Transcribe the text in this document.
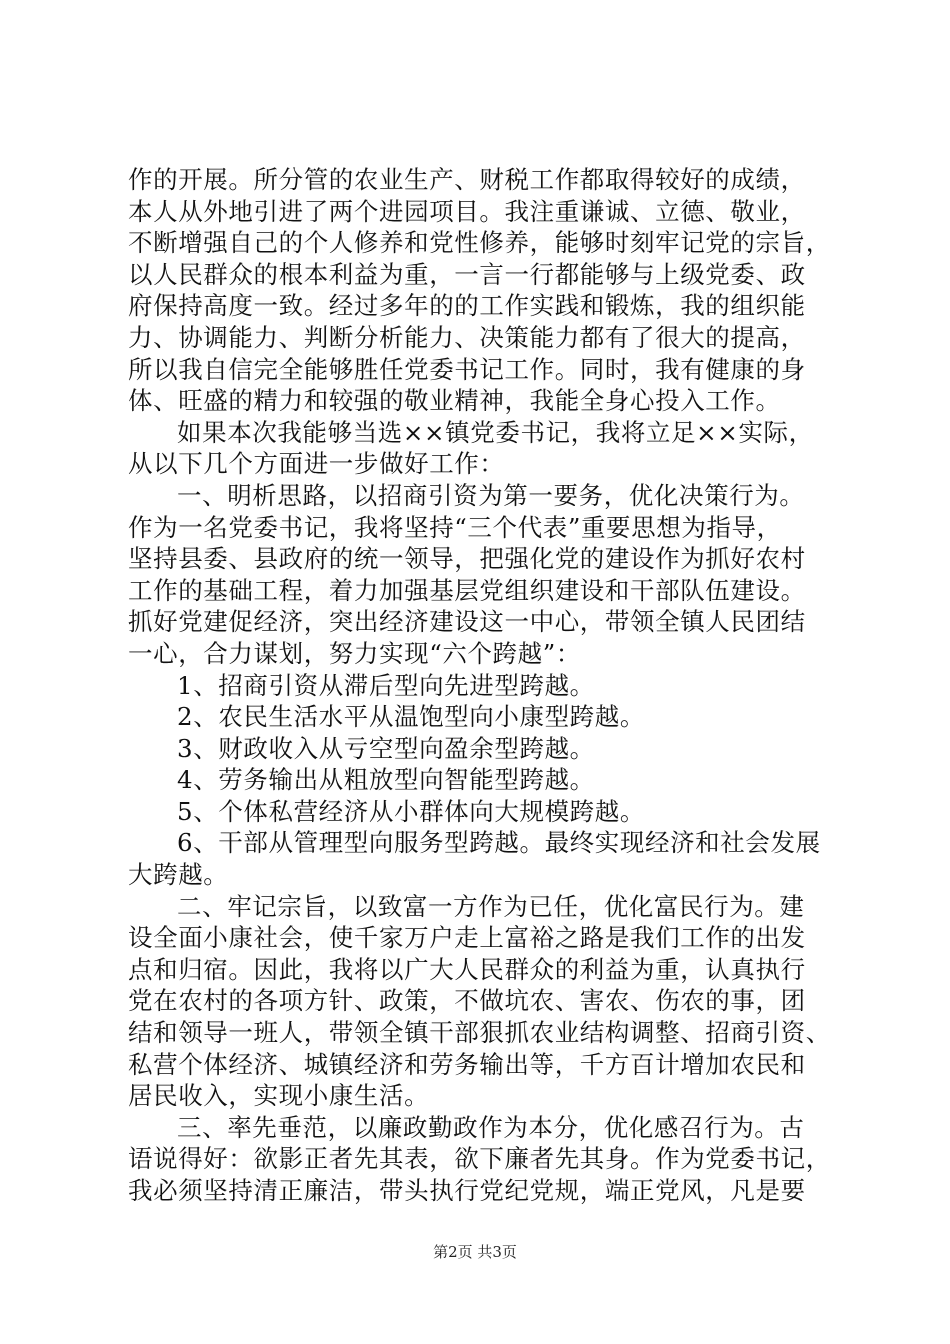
作的开展。所分管的农业生产、财税工作都取得较好的成绩，
本人从外地引进了两个进园项目。我注重谦诚、立德、敬业，
不断增强自己的个人修养和党性修养，能够时刻牢记党的宗旨，
以人民群众的根本利益为重，一言一行都能够与上级党委、政
府保持高度一致。经过多年的的工作实践和锻炼，我的组织能
力、协调能力、判断分析能力、决策能力都有了很大的提高，
所以我自信完全能够胜任党委书记工作。同时，我有健康的身
体、旺盛的精力和较强的敬业精神，我能全身心投入工作。
如果本次我能够当选××镇党委书记，我将立足××实际，
从以下几个方面进一步做好工作：
一、明析思路，以招商引资为第一要务，优化决策行为。
作为一名党委书记，我将坚持“三个代表”重要思想为指导，
坚持县委、县政府的统一领导，把强化党的建设作为抓好农村
工作的基础工程，着力加强基层党组织建设和干部队伍建设。
抓好党建促经济，突出经济建设这一中心，带领全镇人民团结
一心，合力谋划，努力实现“六个跨越”：
1、招商引资从滞后型向先进型跨越。
2、农民生活水平从温饱型向小康型跨越。
3、财政收入从亏空型向盈余型跨越。
4、劳务输出从粗放型向智能型跨越。
5、个体私营经济从小群体向大规模跨越。
6、干部从管理型向服务型跨越。最终实现经济和社会发展
大跨越。
二、牢记宗旨，以致富一方作为已任，优化富民行为。建
设全面小康社会，使千家万户走上富裕之路是我们工作的出发
点和归宿。因此，我将以广大人民群众的利益为重，认真执行
党在农村的各项方针、政策，不做坑农、害农、伤农的事，团
结和领导一班人，带领全镇干部狠抓农业结构调整、招商引资、
私营个体经济、城镇经济和劳务输出等，千方百计增加农民和
居民收入，实现小康生活。
三、率先垂范，以廉政勤政作为本分，优化感召行为。古
语说得好：欲影正者先其表，欲下廉者先其身。作为党委书记，
我必须坚持清正廉洁，带头执行党纪党规，端正党风，凡是要
第2页 共3页
